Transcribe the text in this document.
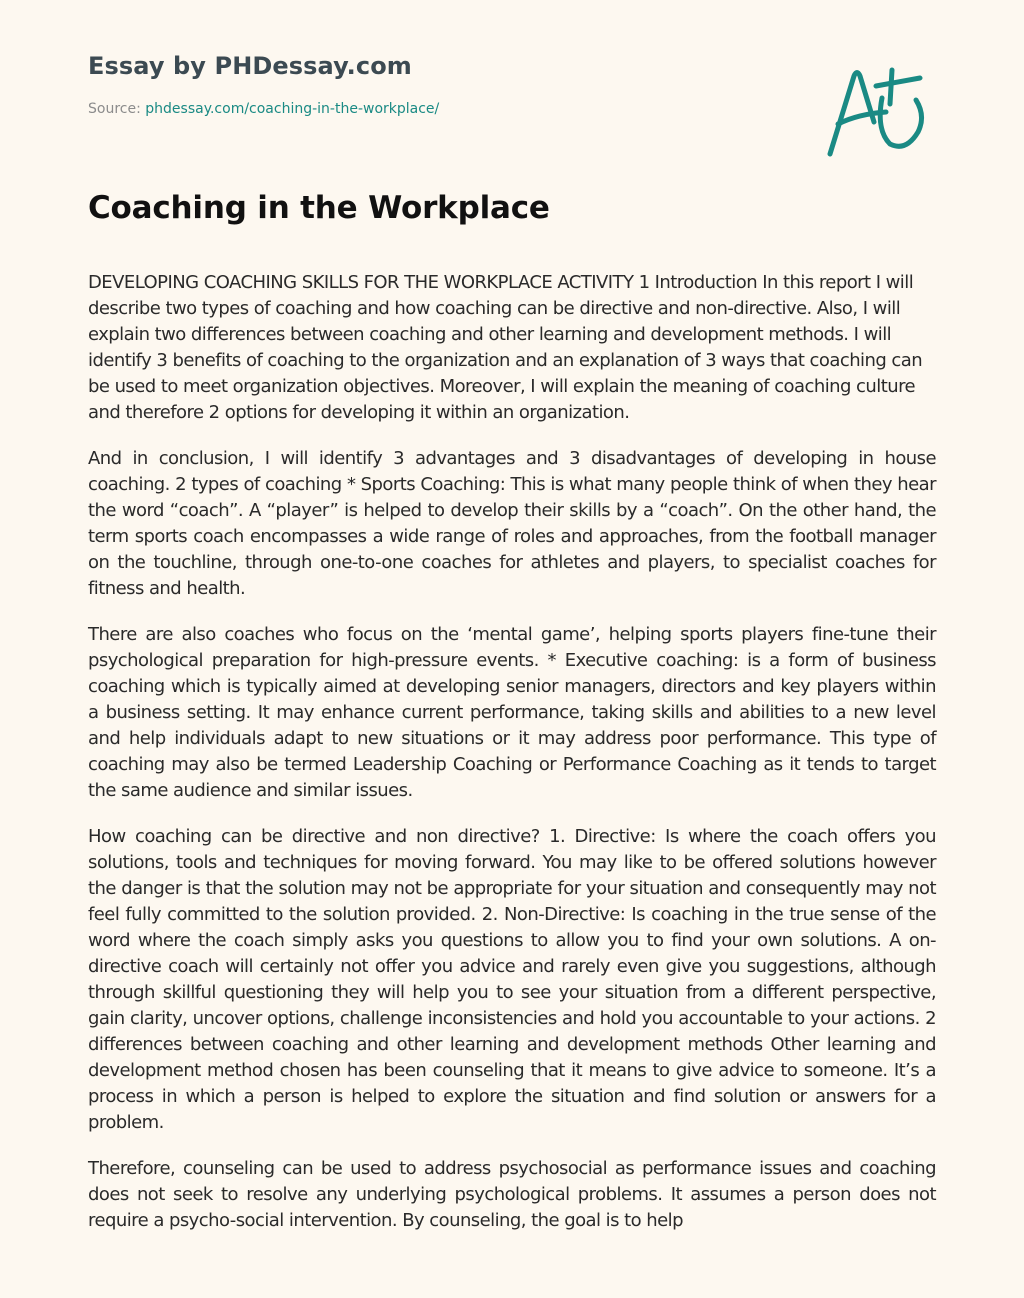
Essay by PHDessay.com
Source: phdessay.com/coaching-in-the-workplace/
Coaching in the Workplace

DEVELOPING COACHING SKILLS FOR THE WORKPLACE ACTIVITY 1 Introduction In this report I will describe two types of coaching and how coaching can be directive and non-directive. Also, I will explain two differences between coaching and other learning and development methods. I will identify 3 benefits of coaching to the organization and an explanation of 3 ways that coaching can be used to meet organization objectives. Moreover, I will explain the meaning of coaching culture and therefore 2 options for developing it within an organization.

And in conclusion, I will identify 3 advantages and 3 disadvantages of developing in house coaching. 2 types of coaching * Sports Coaching: This is what many people think of when they hear the word “coach”. A “player” is helped to develop their skills by a “coach”. On the other hand, the term sports coach encompasses a wide range of roles and approaches, from the football manager on the touchline, through one-to-one coaches for athletes and players, to specialist coaches for fitness and health.

There are also coaches who focus on the ‘mental game’, helping sports players fine-tune their psychological preparation for high-pressure events. * Executive coaching: is a form of business coaching which is typically aimed at developing senior managers, directors and key players within a business setting. It may enhance current performance, taking skills and abilities to a new level and help individuals adapt to new situations or it may address poor performance. This type of coaching may also be termed Leadership Coaching or Performance Coaching as it tends to target the same audience and similar issues.

How coaching can be directive and non directive? 1. Directive: Is where the coach offers you solutions, tools and techniques for moving forward. You may like to be offered solutions however the danger is that the solution may not be appropriate for your situation and consequently may not feel fully committed to the solution provided. 2. Non-Directive: Is coaching in the true sense of the word where the coach simply asks you questions to allow you to find your own solutions. A on-directive coach will certainly not offer you advice and rarely even give you suggestions, although through skillful questioning they will help you to see your situation from a different perspective, gain clarity, uncover options, challenge inconsistencies and hold you accountable to your actions. 2 differences between coaching and other learning and development methods Other learning and development method chosen has been counseling that it means to give advice to someone. It’s a process in which a person is helped to explore the situation and find solution or answers for a problem.

Therefore, counseling can be used to address psychosocial as performance issues and coaching does not seek to resolve any underlying psychological problems. It assumes a person does not require a psycho-social intervention. By counseling, the goal is to help
